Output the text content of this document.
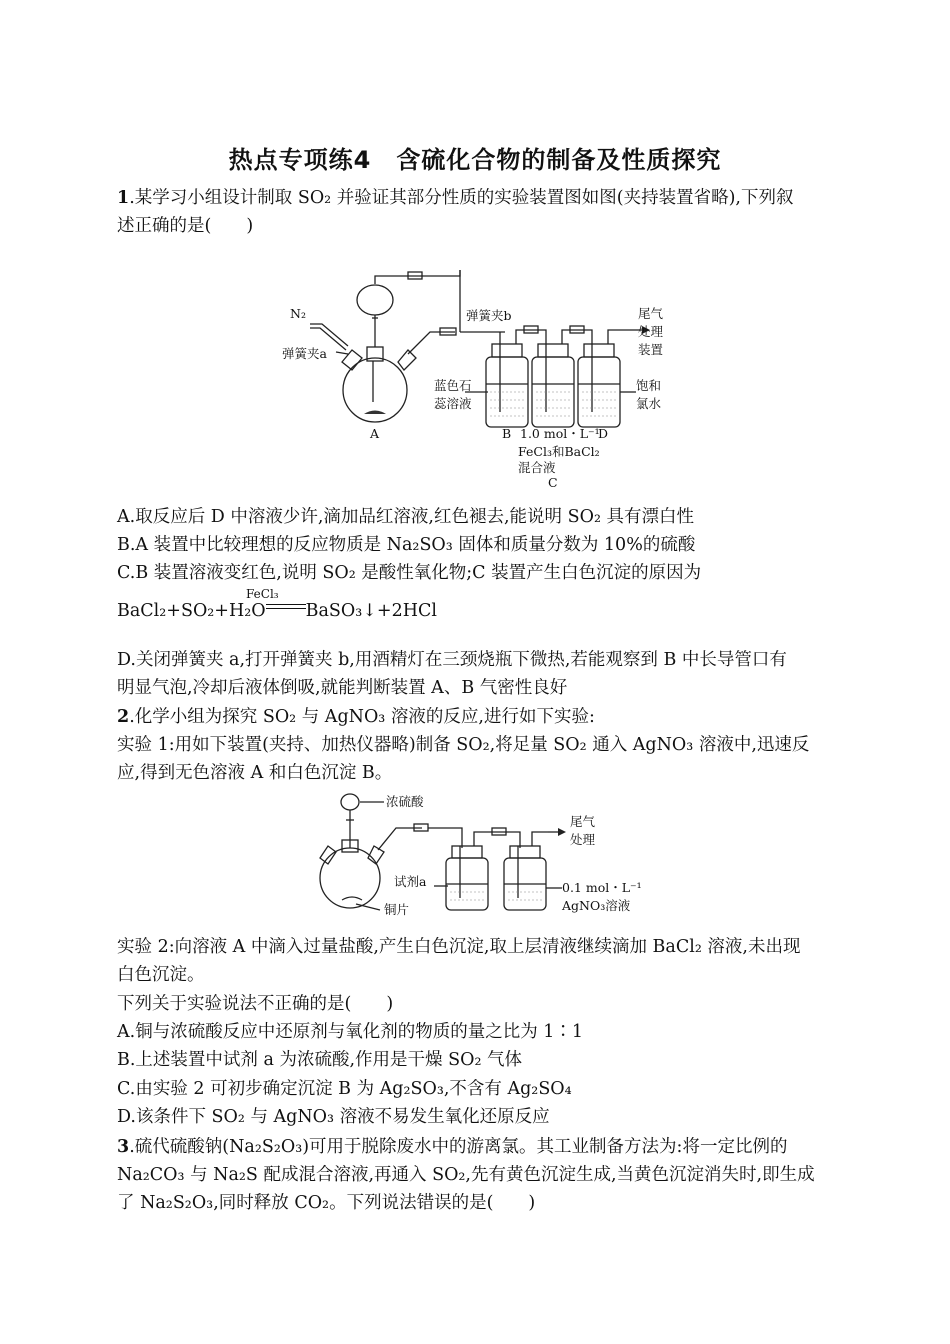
热点专项练4　含硫化合物的制备及性质探究
1.某学习小组设计制取 SO₂ 并验证其部分性质的实验装置图如图(夹持装置省略),下列叙
述正确的是(　　)
N₂
弹簧夹a
A
弹簧夹b	尾气
处理
装置
蓝色石
蕊溶液
饱和
氯水
B 1.0 mol・L⁻¹
D
FeCl₃和BaCl₂
混合液
C
A.取反应后 D 中溶液少许,滴加品红溶液,红色褪去,能说明 SO₂ 具有漂白性
B.A 装置中比较理想的反应物质是 Na₂SO₃ 固体和质量分数为 10%的硫酸
C.B 装置溶液变红色,说明 SO₂ 是酸性氧化物;C 装置产生白色沉淀的原因为
FeCl₃
BaCl₂+SO₂+H₂O BaSO₃↓+2HCl
D.关闭弹簧夹 a,打开弹簧夹 b,用酒精灯在三颈烧瓶下微热,若能观察到 B 中长导管口有
明显气泡,冷却后液体倒吸,就能判断装置 A、B 气密性良好
2.化学小组为探究 SO₂ 与 AgNO₃ 溶液的反应,进行如下实验:
实验 1:用如下装置(夹持、加热仪器略)制备 SO₂,将足量 SO₂ 通入 AgNO₃ 溶液中,迅速反
应,得到无色溶液 A 和白色沉淀 B。
浓硫酸
尾气
处理
试剂a
铜片
0.1 mol・L⁻¹
AgNO₃溶液
实验 2:向溶液 A 中滴入过量盐酸,产生白色沉淀,取上层清液继续滴加 BaCl₂ 溶液,未出现
白色沉淀。
下列关于实验说法不正确的是(　　)
A.铜与浓硫酸反应中还原剂与氧化剂的物质的量之比为 1∶1
B.上述装置中试剂 a 为浓硫酸,作用是干燥 SO₂ 气体
C.由实验 2 可初步确定沉淀 B 为 Ag₂SO₃,不含有 Ag₂SO₄
D.该条件下 SO₂ 与 AgNO₃ 溶液不易发生氧化还原反应
3.硫代硫酸钠(Na₂S₂O₃)可用于脱除废水中的游离氯。其工业制备方法为:将一定比例的
Na₂CO₃ 与 Na₂S 配成混合溶液,再通入 SO₂,先有黄色沉淀生成,当黄色沉淀消失时,即生成
了 Na₂S₂O₃,同时释放 CO₂。下列说法错误的是(　　)
